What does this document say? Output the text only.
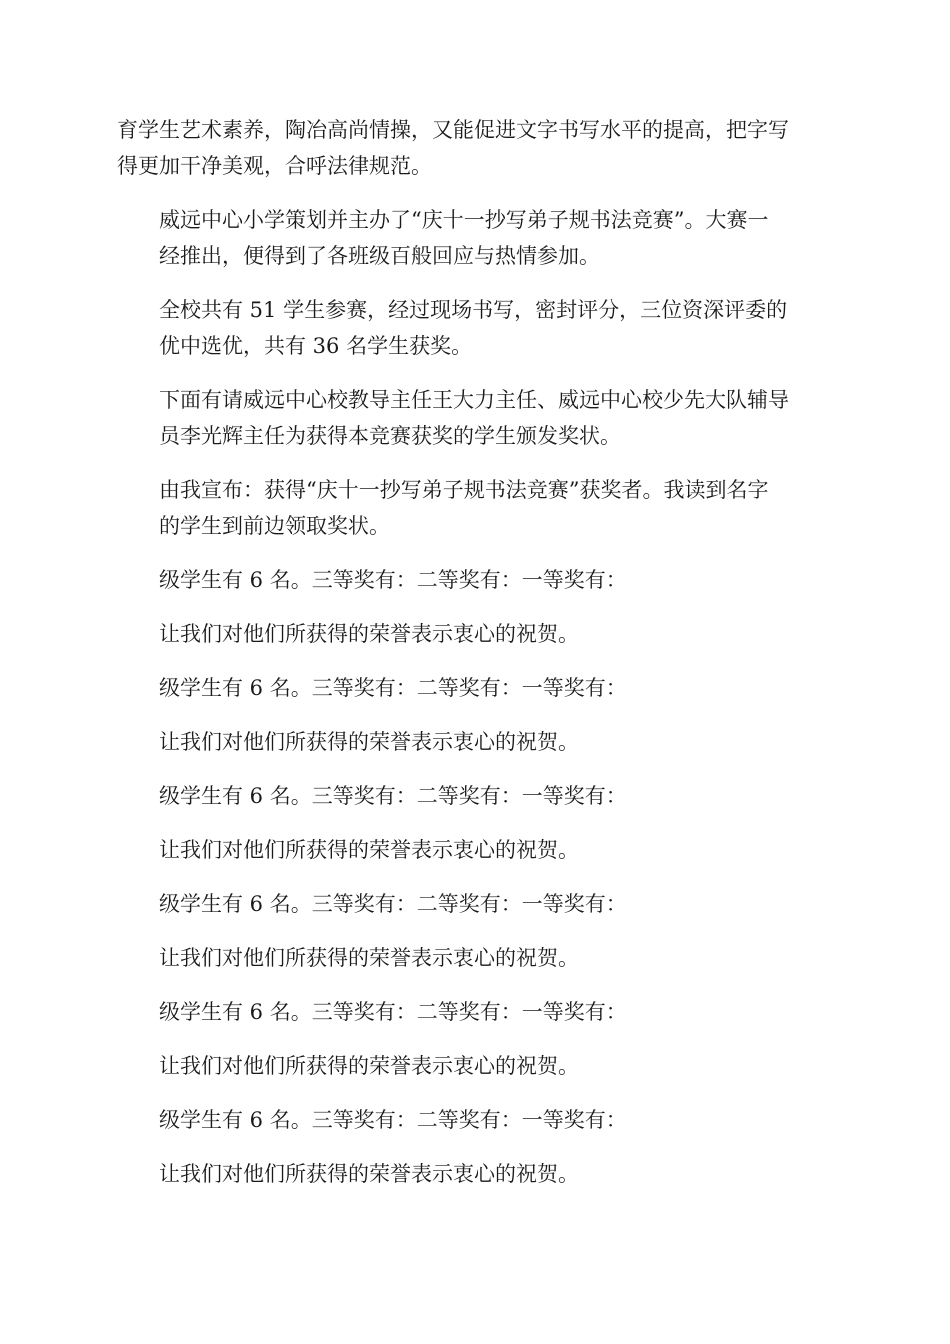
育学生艺术素养，陶冶高尚情操，又能促进文字书写水平的提高，把字写
得更加干净美观，合呼法律规范。

威远中心小学策划并主办了“庆十一抄写弟子规书法竞赛”。大赛一
经推出，便得到了各班级百般回应与热情参加。

全校共有 51 学生参赛，经过现场书写，密封评分，三位资深评委的
优中选优，共有 36 名学生获奖。

下面有请威远中心校教导主任王大力主任、威远中心校少先大队辅导
员李光辉主任为获得本竞赛获奖的学生颁发奖状。

由我宣布：获得“庆十一抄写弟子规书法竞赛”获奖者。我读到名字
的学生到前边领取奖状。

级学生有 6 名。三等奖有：二等奖有：一等奖有：

让我们对他们所获得的荣誉表示衷心的祝贺。

级学生有 6 名。三等奖有：二等奖有：一等奖有：

让我们对他们所获得的荣誉表示衷心的祝贺。

级学生有 6 名。三等奖有：二等奖有：一等奖有：

让我们对他们所获得的荣誉表示衷心的祝贺。

级学生有 6 名。三等奖有：二等奖有：一等奖有：

让我们对他们所获得的荣誉表示衷心的祝贺。

级学生有 6 名。三等奖有：二等奖有：一等奖有：

让我们对他们所获得的荣誉表示衷心的祝贺。

级学生有 6 名。三等奖有：二等奖有：一等奖有：

让我们对他们所获得的荣誉表示衷心的祝贺。
